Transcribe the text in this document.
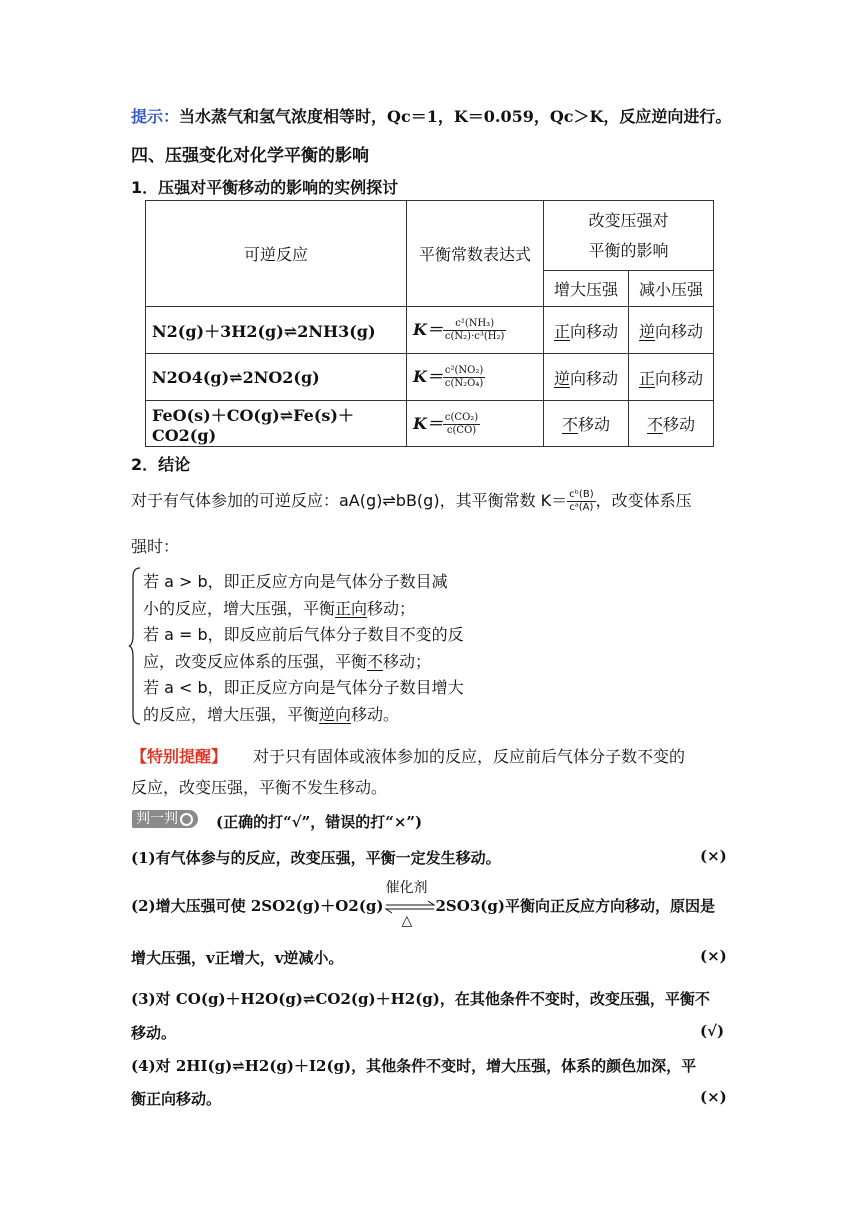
提示：当水蒸气和氢气浓度相等时，Qc＝1，K＝0.059，Qc＞K，反应逆向进行。
四、压强变化对化学平衡的影响
1．压强对平衡移动的影响的实例探讨
可逆反应	平衡常数表达式	改变压强对
平衡的影响	

		增大压强	减小压强
N2(g)＋3H2(g)⇌2NH3(g)	$K= \frac{\text{c²(NH₃)}}{\text{c(N₂)·c³(H₂)}}$	正向移动	逆向移动
N2O4(g)⇌2NO2(g)	$K= \frac{\text{c²(NO₂)}}{\text{c(N₂O₄)}}$	逆向移动	正向移动
FeO(s)＋CO(g)⇌Fe(s)＋CO2(g)	$K= \frac{\text{c(CO₂)}}{c(CO)}$	不移动	不移动
2．结论
对于有气体参加的可逆反应：aA(g)⇌bB(g)，其平衡常数 $K= \frac{\text{cᵇ(B)}}{\text{cᵃ(A)}}$ ，改变体系压
强时：
若 a > b，即正反应方向是气体分子数目减
小的反应，增大压强，平衡正向移动；
若 a = b，即反应前后气体分子数目不变的反
应，改变反应体系的压强，平衡不移动；
若 a < b，即正反应方向是气体分子数目增大
的反应，增大压强，平衡逆向移动。
【特别提醒】 对于只有固体或液体参加的反应，反应前后气体分子数不变的
反应，改变压强，平衡不发生移动。
判一判	(正确的打“√”，错误的打“×”)
(1)有气体参与的反应，改变压强，平衡一定发生移动。	(×)
(2)增大压强可使 2SO2(g)＋O2(g)
催化剂
△
2SO3(g)平衡向正反应方向移动，原因是
增大压强，v正增大，v逆减小。	(×)
(3)对 CO(g)＋H2O(g)⇌CO2(g)＋H2(g)，在其他条件不变时，改变压强，平衡不
移动。	(√)
(4)对 2HI(g)⇌H2(g)＋I2(g)，其他条件不变时，增大压强，体系的颜色加深，平
衡正向移动。	(×)
